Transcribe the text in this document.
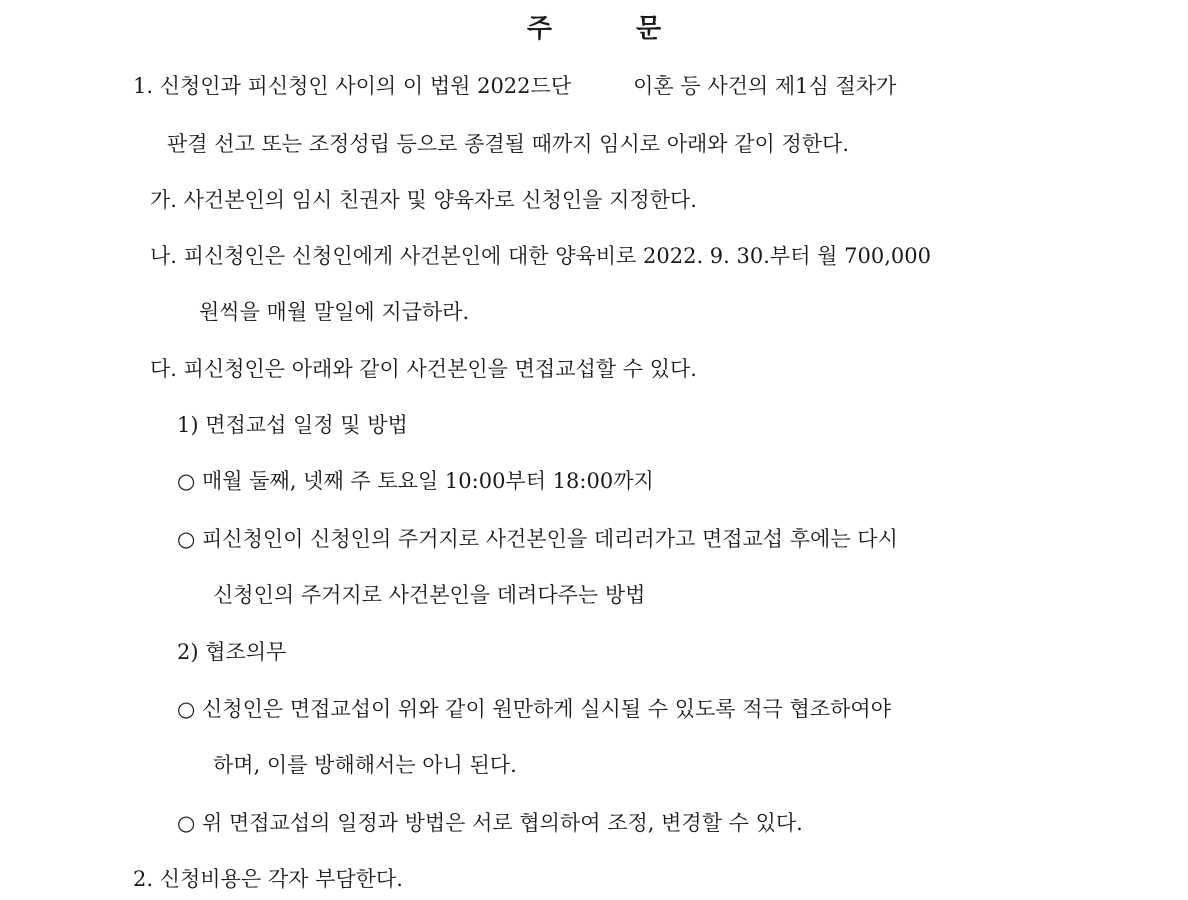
주	문
1. 신청인과 피신청인 사이의 이 법원 2022드단	이혼 등 사건의 제1심 절차가
판결 선고 또는 조정성립 등으로 종결될 때까지 임시로 아래와 같이 정한다.
가. 사건본인의 임시 친권자 및 양육자로 신청인을 지정한다.
나. 피신청인은 신청인에게 사건본인에 대한 양육비로 2022. 9. 30.부터 월 700,000
원씩을 매월 말일에 지급하라.
다. 피신청인은 아래와 같이 사건본인을 면접교섭할 수 있다.
1) 면접교섭 일정 및 방법
○ 매월 둘째, 넷째 주 토요일 10:00부터 18:00까지
○ 피신청인이 신청인의 주거지로 사건본인을 데리러가고 면접교섭 후에는 다시
신청인의 주거지로 사건본인을 데려다주는 방법
2) 협조의무
○ 신청인은 면접교섭이 위와 같이 원만하게 실시될 수 있도록 적극 협조하여야
하며, 이를 방해해서는 아니 된다.
○ 위 면접교섭의 일정과 방법은 서로 협의하여 조정, 변경할 수 있다.
2. 신청비용은 각자 부담한다.
